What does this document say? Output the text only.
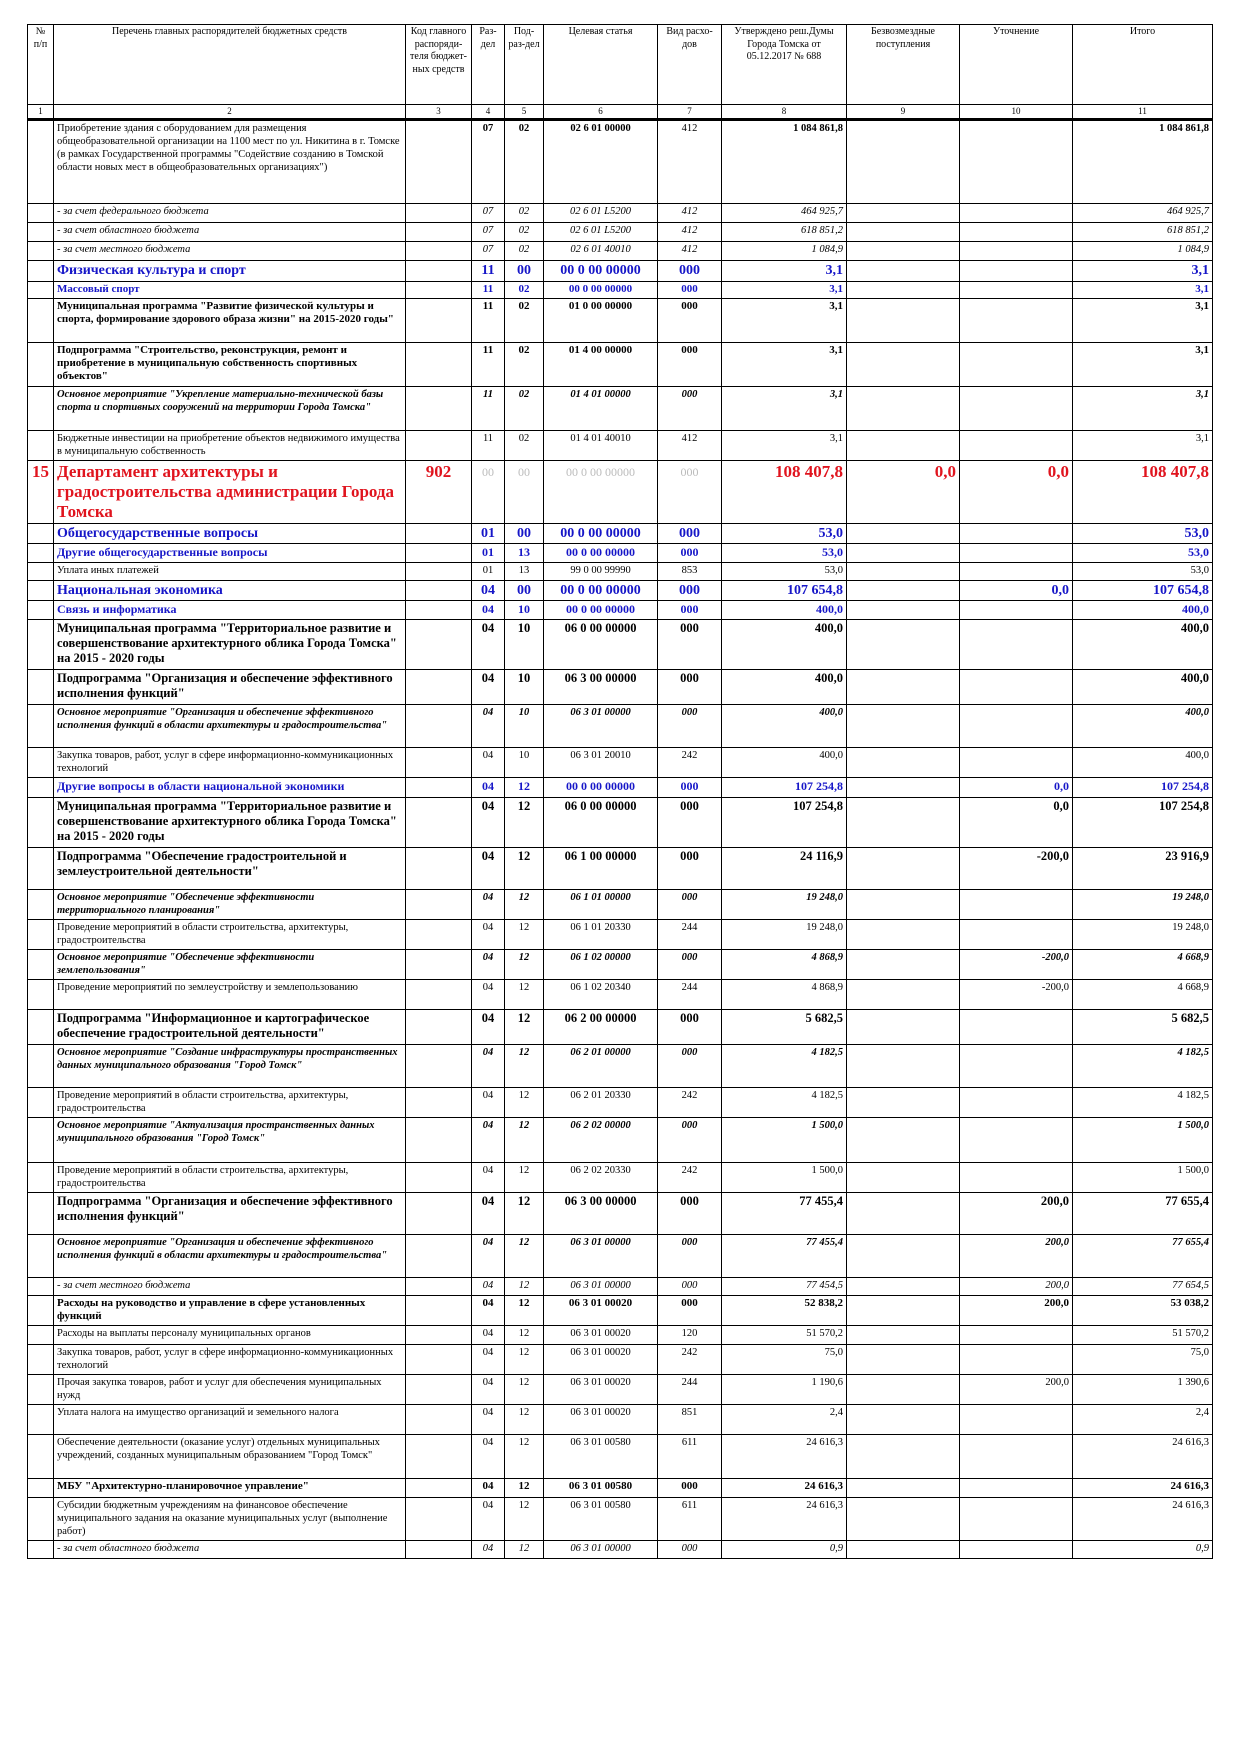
№ п/п	Перечень главных распорядителей бюджетных средств	Код главного распоряди-теля бюджет-ных средств	Раз-дел	Под-раз-дел	Целевая статья	Вид расхо-дов	Утверждено реш.Думы Города Томска от 05.12.2017 № 688	Безвозмездные поступления	Уточнение	Итого
1	2	3	4	5	6	7	8	9	10	11
	Приобретение здания с оборудованием для размещения общеобразовательной организации на 1100 мест по ул. Никитина в г. Томске (в рамках Государственной программы "Содействие созданию в Томской области новых мест в общеобразовательных организациях")		07	02	02 6 01 00000	412	1 084 861,8			1 084 861,8
	- за счет федерального бюджета		07	02	02 6 01 L5200	412	464 925,7			464 925,7
	- за счет областного бюджета		07	02	02 6 01 L5200	412	618 851,2			618 851,2
	- за счет местного бюджета		07	02	02 6 01 40010	412	1 084,9			1 084,9
	Физическая культура и спорт		11	00	00 0 00 00000	000	3,1			3,1
	Массовый спорт		11	02	00 0 00 00000	000	3,1			3,1
	Муниципальная программа "Развитие физической культуры и спорта, формирование здорового образа жизни" на 2015-2020 годы"		11	02	01 0 00 00000	000	3,1			3,1
	Подпрограмма "Строительство, реконструкция, ремонт и приобретение в муниципальную собственность спортивных объектов"		11	02	01 4 00 00000	000	3,1			3,1
	Основное мероприятие "Укрепление материально-технической базы спорта и спортивных сооружений на территории Города Томска"		11	02	01 4 01 00000	000	3,1			3,1
	Бюджетные инвестиции на приобретение объектов недвижимого имущества в муниципальную собственность		11	02	01 4 01 40010	412	3,1			3,1
15	Департамент архитектуры и градостроительства администрации Города Томска	902	00	00	00 0 00 00000	000	108 407,8	0,0	0,0	108 407,8
	Общегосударственные вопросы		01	00	00 0 00 00000	000	53,0			53,0
	Другие общегосударственные вопросы		01	13	00 0 00 00000	000	53,0			53,0
	Уплата иных платежей		01	13	99 0 00 99990	853	53,0			53,0
	Национальная экономика		04	00	00 0 00 00000	000	107 654,8		0,0	107 654,8
	Связь и информатика		04	10	00 0 00 00000	000	400,0			400,0
	Муниципальная программа "Территориальное развитие и совершенствование архитектурного облика Города Томска" на 2015 - 2020 годы		04	10	06 0 00 00000	000	400,0			400,0
	Подпрограмма "Организация и обеспечение эффективного исполнения функций"		04	10	06 3 00 00000	000	400,0			400,0
	Основное мероприятие "Организация и обеспечение эффективного исполнения функций в области архитектуры и градостроительства"		04	10	06 3 01 00000	000	400,0			400,0
	Закупка товаров, работ, услуг в сфере информационно-коммуникационных технологий		04	10	06 3 01 20010	242	400,0			400,0
	Другие вопросы в области национальной экономики		04	12	00 0 00 00000	000	107 254,8		0,0	107 254,8
	Муниципальная программа "Территориальное развитие и совершенствование архитектурного облика Города Томска" на 2015 - 2020 годы		04	12	06 0 00 00000	000	107 254,8		0,0	107 254,8
	Подпрограмма "Обеспечение градостроительной и землеустроительной деятельности"		04	12	06 1 00 00000	000	24 116,9		-200,0	23 916,9
	Основное мероприятие "Обеспечение эффективности территориального планирования"		04	12	06 1 01 00000	000	19 248,0			19 248,0
	Проведение мероприятий в области строительства, архитектуры, градостроительства		04	12	06 1 01 20330	244	19 248,0			19 248,0
	Основное мероприятие "Обеспечение эффективности землепользования"		04	12	06 1 02 00000	000	4 868,9		-200,0	4 668,9
	Проведение мероприятий по землеустройству и землепользованию		04	12	06 1 02 20340	244	4 868,9		-200,0	4 668,9
	Подпрограмма "Информационное и картографическое обеспечение градостроительной деятельности"		04	12	06 2 00 00000	000	5 682,5			5 682,5
	Основное мероприятие "Создание инфраструктуры пространственных данных муниципального образования "Город Томск"		04	12	06 2 01 00000	000	4 182,5			4 182,5
	Проведение мероприятий в области строительства, архитектуры, градостроительства		04	12	06 2 01 20330	242	4 182,5			4 182,5
	Основное мероприятие "Актуализация пространственных данных муниципального образования "Город Томск"		04	12	06 2 02 00000	000	1 500,0			1 500,0
	Проведение мероприятий в области строительства, архитектуры, градостроительства		04	12	06 2 02 20330	242	1 500,0			1 500,0
	Подпрограмма "Организация и обеспечение эффективного исполнения функций"		04	12	06 3 00 00000	000	77 455,4		200,0	77 655,4
	Основное мероприятие "Организация и обеспечение эффективного исполнения функций в области архитектуры и градостроительства"		04	12	06 3 01 00000	000	77 455,4		200,0	77 655,4
	- за счет местного бюджета		04	12	06 3 01 00000	000	77 454,5		200,0	77 654,5
	Расходы на руководство и управление в сфере установленных функций		04	12	06 3 01 00020	000	52 838,2		200,0	53 038,2
	Расходы на выплаты персоналу муниципальных органов		04	12	06 3 01 00020	120	51 570,2			51 570,2
	Закупка товаров, работ, услуг в сфере информационно-коммуникационных технологий		04	12	06 3 01 00020	242	75,0			75,0
	Прочая закупка товаров, работ и услуг для обеспечения муниципальных нужд		04	12	06 3 01 00020	244	1 190,6		200,0	1 390,6
	Уплата налога на имущество организаций и земельного налога		04	12	06 3 01 00020	851	2,4			2,4
	Обеспечение деятельности (оказание услуг) отдельных муниципальных учреждений, созданных муниципальным образованием "Город Томск"		04	12	06 3 01 00580	611	24 616,3			24 616,3
	МБУ "Архитектурно-планировочное управление"		04	12	06 3 01 00580	000	24 616,3			24 616,3
	Субсидии бюджетным учреждениям на финансовое обеспечение муниципального задания на оказание муниципальных услуг (выполнение работ)		04	12	06 3 01 00580	611	24 616,3			24 616,3
	- за счет областного бюджета		04	12	06 3 01 00000	000	0,9			0,9
